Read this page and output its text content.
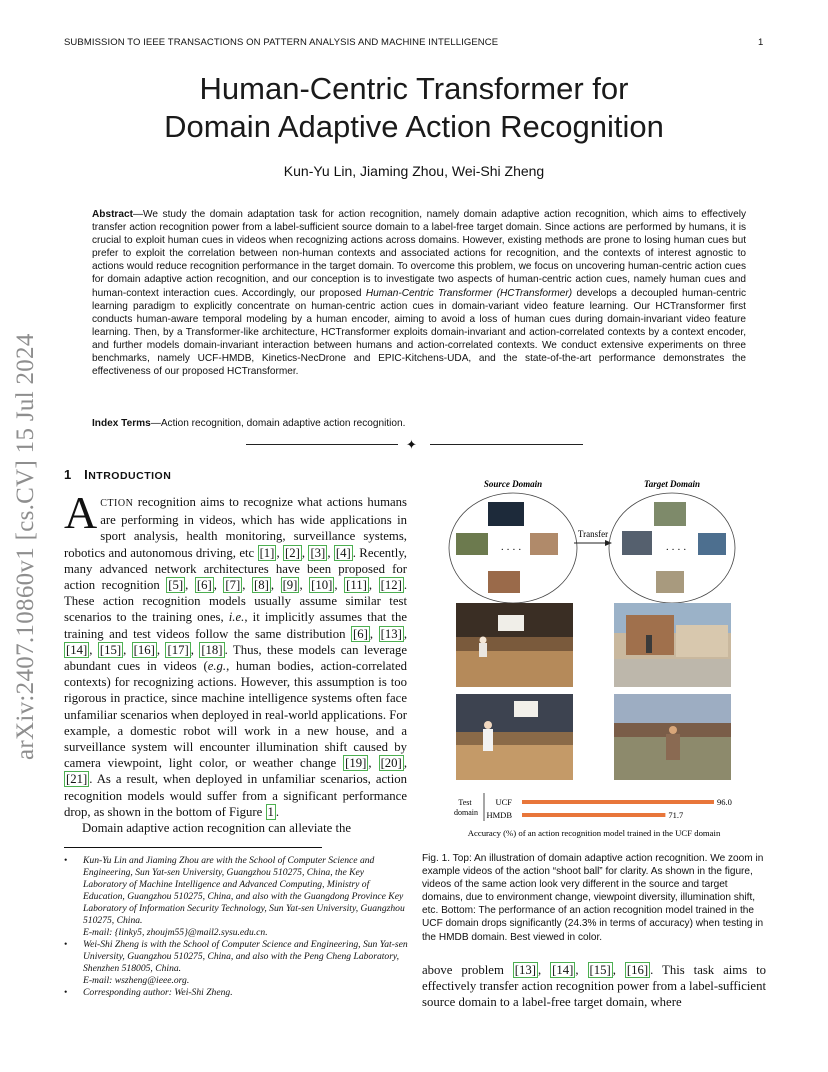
SUBMISSION TO IEEE TRANSACTIONS ON PATTERN ANALYSIS AND MACHINE INTELLIGENCE	1
arXiv:2407.10860v1 [cs.CV] 15 Jul 2024
Human-Centric Transformer for
Domain Adaptive Action Recognition
Kun-Yu Lin, Jiaming Zhou, Wei-Shi Zheng
Abstract—We study the domain adaptation task for action recognition, namely domain adaptive action recognition, which aims to effectively transfer action recognition power from a label-sufficient source domain to a label-free target domain. Since actions are performed by humans, it is crucial to exploit human cues in videos when recognizing actions across domains. However, existing methods are prone to losing human cues but prefer to exploit the correlation between non-human contexts and associated actions for recognition, and the contexts of interest agnostic to actions would reduce recognition performance in the target domain. To overcome this problem, we focus on uncovering human-centric action cues for domain adaptive action recognition, and our conception is to investigate two aspects of human-centric action cues, namely human cues and human-context interaction cues. Accordingly, our proposed Human-Centric Transformer (HCTransformer) develops a decoupled human-centric learning paradigm to explicitly concentrate on human-centric action cues in domain-variant video feature learning. Our HCTransformer first conducts human-aware temporal modeling by a human encoder, aiming to avoid a loss of human cues during domain-invariant video feature learning. Then, by a Transformer-like architecture, HCTransformer exploits domain-invariant and action-correlated contexts by a context encoder, and further models domain-invariant interaction between humans and action-correlated contexts. We conduct extensive experiments on three benchmarks, namely UCF-HMDB, Kinetics-NecDrone and EPIC-Kitchens-UDA, and the state-of-the-art performance demonstrates the effectiveness of our proposed HCTransformer.
Index Terms—Action recognition, domain adaptive action recognition.
✦
1 INTRODUCTION

ACTION recognition aims to recognize what actions humans are performing in videos, which has wide applications in sport analysis, health monitoring, surveillance systems, robotics and autonomous driving, etc [1] , [2] , [3] , [4] . Recently, many advanced network architectures have been proposed for action recognition [5] , [6] , [7] , [8] , [9] , [10] , [11] , [12] . These action recognition models usually assume similar test scenarios to the training ones, i.e., it implicitly assumes that the training and test videos follow the same distribution [6] , [13] , [14] , [15] , [16] , [17] , [18] . Thus, these models can leverage abundant cues in videos (e.g., human bodies, action-correlated contexts) for recognizing actions. However, this assumption is too rigorous in practice, since machine intelligence systems often face unfamiliar scenarios when deployed in real-world applications. For example, a domestic robot will work in a new house, and a surveillance system will encounter illumination shift caused by camera viewpoint, light color, or weather change [19] , [20] , [21] . As a result, when deployed in unfamiliar scenarios, action recognition models would suffer from a significant performance drop, as shown in the bottom of Figure 1 .

Domain adaptive action recognition can alleviate the

• Kun-Yu Lin and Jiaming Zhou are with the School of Computer Science and Engineering, Sun Yat-sen University, Guangzhou 510275, China, the Key Laboratory of Machine Intelligence and Advanced Computing, Ministry of Education, Guangzhou 510275, China, and also with the Guangdong Province Key Laboratory of Information Security Technology, Sun Yat-sen University, Guangzhou 510275, China.
E-mail: {linky5, zhoujm55}@mail2.sysu.edu.cn.
• Wei-Shi Zheng is with the School of Computer Science and Engineering, Sun Yat-sen University, Guangzhou 510275, China, and also with the Peng Cheng Laboratory, Shenzhen 518005, China.
E-mail: wszheng@ieee.org.
• Corresponding author: Wei-Shi Zheng.
Source Domain	Target Domain
· · · ·
Transfer
· · · ·
Test domain
UCF
HMDB
96.0
71.7
Accuracy (%) of an action recognition model trained in the UCF domain
Fig. 1. Top: An illustration of domain adaptive action recognition. We zoom in example videos of the action “shoot ball” for clarity. As shown in the figure, videos of the same action look very different in the source and target domains, due to environment change, viewpoint diversity, illumination shift, etc. Bottom: The performance of an action recognition model trained in the UCF domain drops significantly (24.3% in terms of accuracy) when testing in the HMDB domain. Best viewed in color.
above problem [13] , [14] , [15] , [16] . This task aims to effectively transfer action recognition power from a label-sufficient source domain to a label-free target domain, where
